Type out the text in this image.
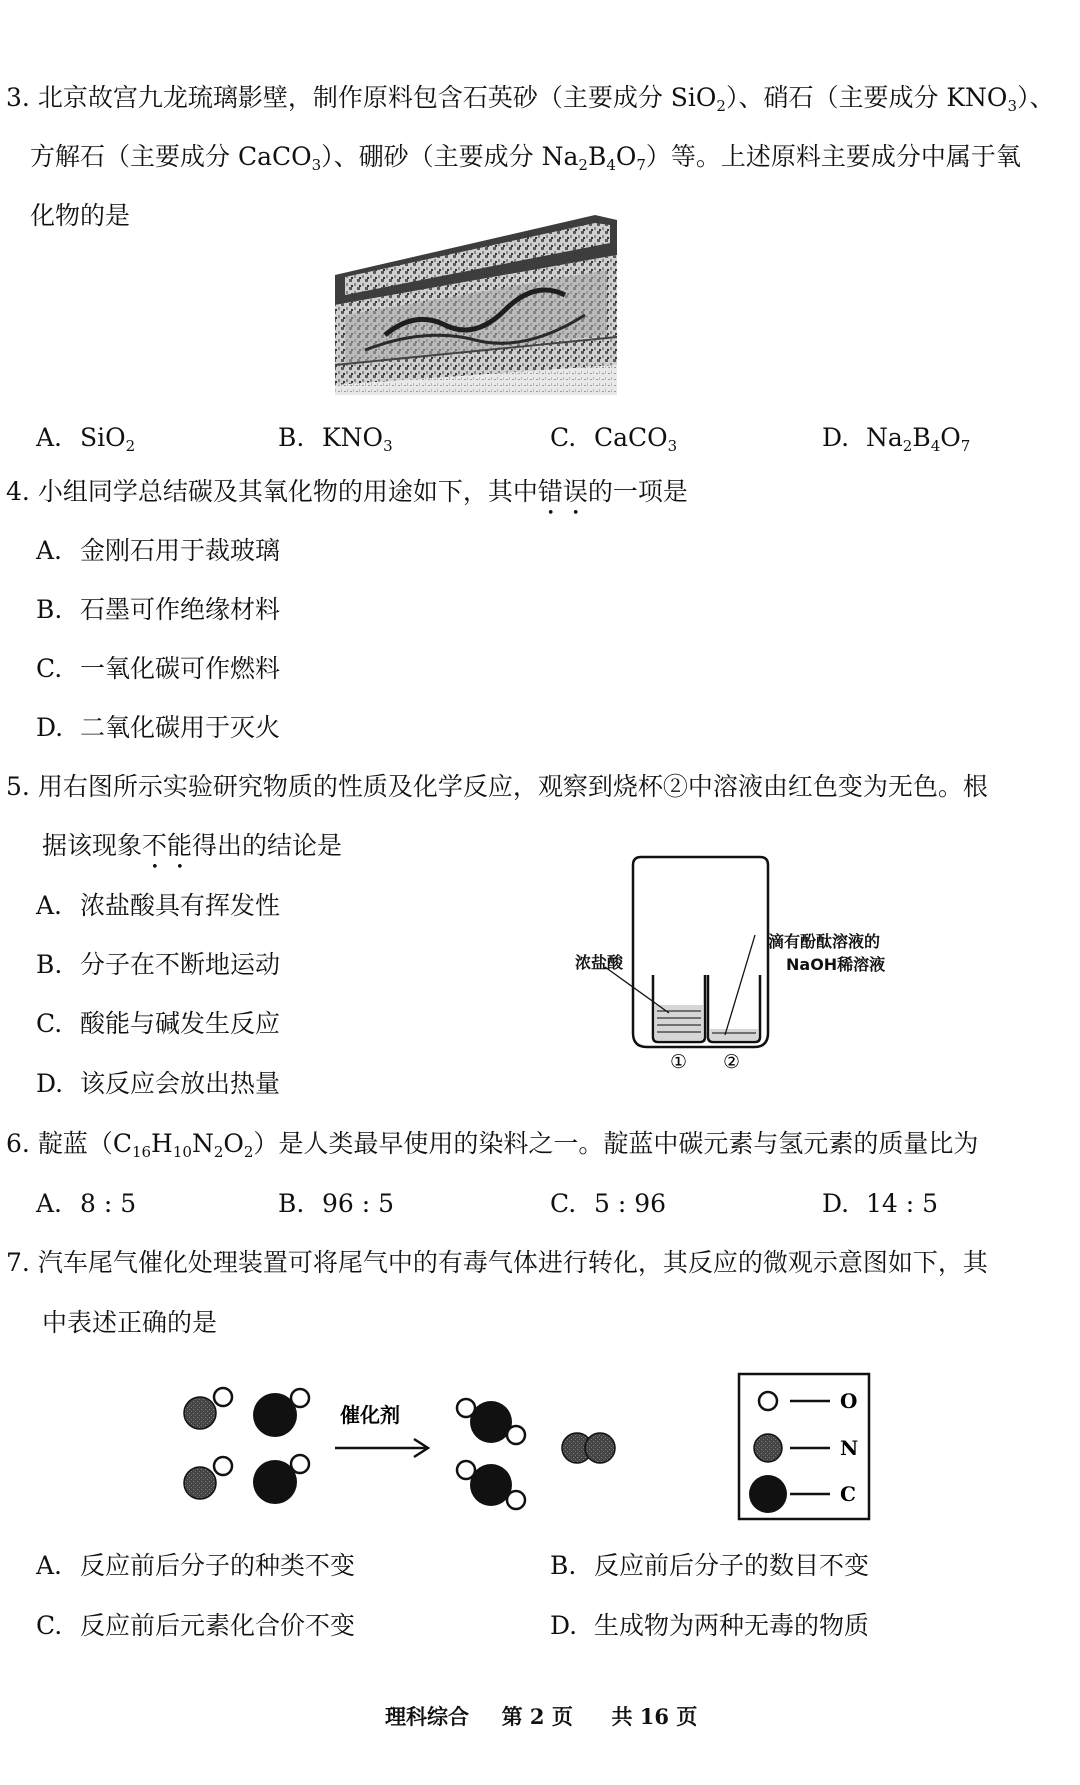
3. 北京故宫九龙琉璃影壁，制作原料包含石英砂（主要成分 SiO$_2$）、硝石（主要成分 $KNO_3$）、
方解石（主要成分 CaCO$_3$）、硼砂（主要成分 $Na_2B_4O_7$）等。上述原料主要成分中属于氧
化物的是
A. SiO$_2$	B. $KNO_3$	C. CaCO$_3$	D. $Na_2B_4O_7$
4. 小组同学总结碳及其氧化物的用途如下，其中错误的一项是
A. 金刚石用于裁玻璃
B. 石墨可作绝缘材料
C. 一氧化碳可作燃料
D. 二氧化碳用于灭火
5. 用右图所示实验研究物质的性质及化学反应，观察到烧杯②中溶液由红色变为无色。根
据该现象不能得出的结论是
A. 浓盐酸具有挥发性
B. 分子在不断地运动
C. 酸能与碱发生反应
D. 该反应会放出热量
① ②
浓盐酸
滴有酚酞溶液的
NaOH稀溶液
6. 靛蓝$(C_{16}H_{10}N_2O_2)$是人类最早使用的染料之一。靛蓝中碳元素与氢元素的质量比为
A. 8 : 5	B. 96 : 5	C. 5 : 96	D. 14 : 5
7. 汽车尾气催化处理装置可将尾气中的有毒气体进行转化，其反应的微观示意图如下，其
中表述正确的是
催化剂
O
N
C
A. 反应前后分子的种类不变	B. 反应前后分子的数目不变
C. 反应前后元素化合价不变	D. 生成物为两种无毒的物质
理科综合 第 2 页 共 16 页
